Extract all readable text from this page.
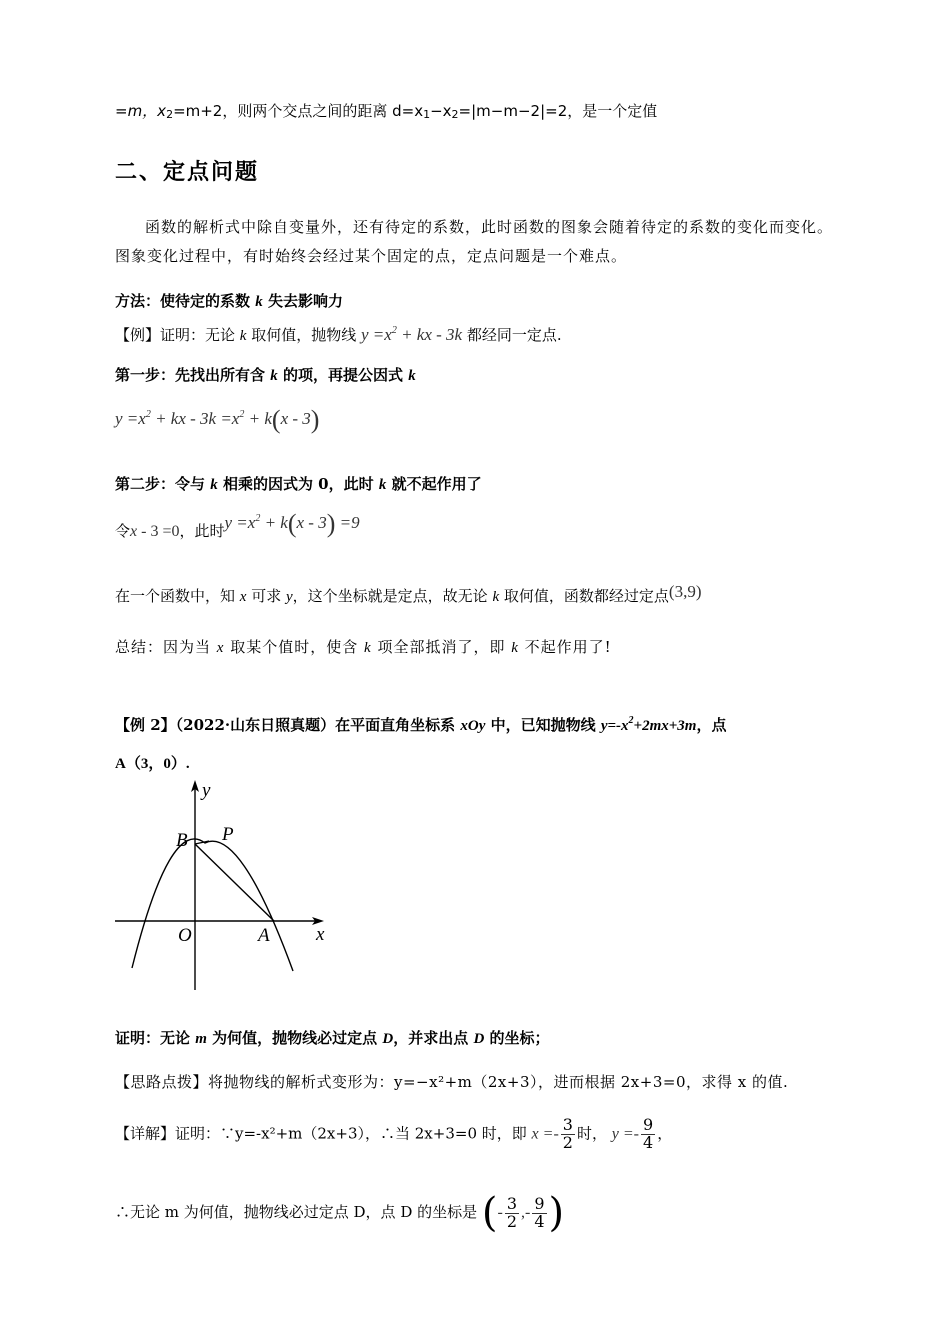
=m，x2=m+2，则两个交点之间的距离 d=x1−x2=|m−m−2|=2，是一个定值
二、定点问题
函数的解析式中除自变量外，还有待定的系数，此时函数的图象会随着待定的系数的变化而变化。图象变化过程中，有时始终会经过某个固定的点，定点问题是一个难点。
方法：使待定的系数 k 失去影响力
【例】证明：无论 k 取何值，抛物线 $y =x^2$ + kx - 3k 都经同一定点.
第一步：先找出所有含 k 的项，再提公因式 k
$y =x^2$ + kx - $3k =x^2 + k(x - 3)$
第二步：令与 k 相乘的因式为 0，此时 k 就不起作用了
令x - 3 =0，此时$y =x^2 + k(x - 3) =9$
在一个函数中，知 x 可求 y，这个坐标就是定点，故无论 k 取何值，函数都经过定点(3,9)
总结：因为当 x 取某个值时，使含 k 项全部抵消了，即 k 不起作用了!
【例 2】（2022·山东日照真题）在平面直角坐标系 xOy 中，已知抛物线 $y=-x^2+2mx+3m$，点
A（3，0）.
y
x
O	A
B P
证明：无论 m 为何值，抛物线必过定点 D，并求出点 D 的坐标；
【思路点拨】将抛物线的解析式变形为：y=−x²+m（2x+3），进而根据 2x+3=0，求得 x 的值.
【详解】证明：∵y=-x²+m（2x+3），∴当 2x+3=0 时，即 $x =- \frac{3}{2}$ 时， $y =- \frac{9}{4}$ ，
∴无论 m 为何值，抛物线必过定点 D，点 D 的坐标是 (- $\frac{3}{2}$ ,- $\frac{9}{4}$ )
